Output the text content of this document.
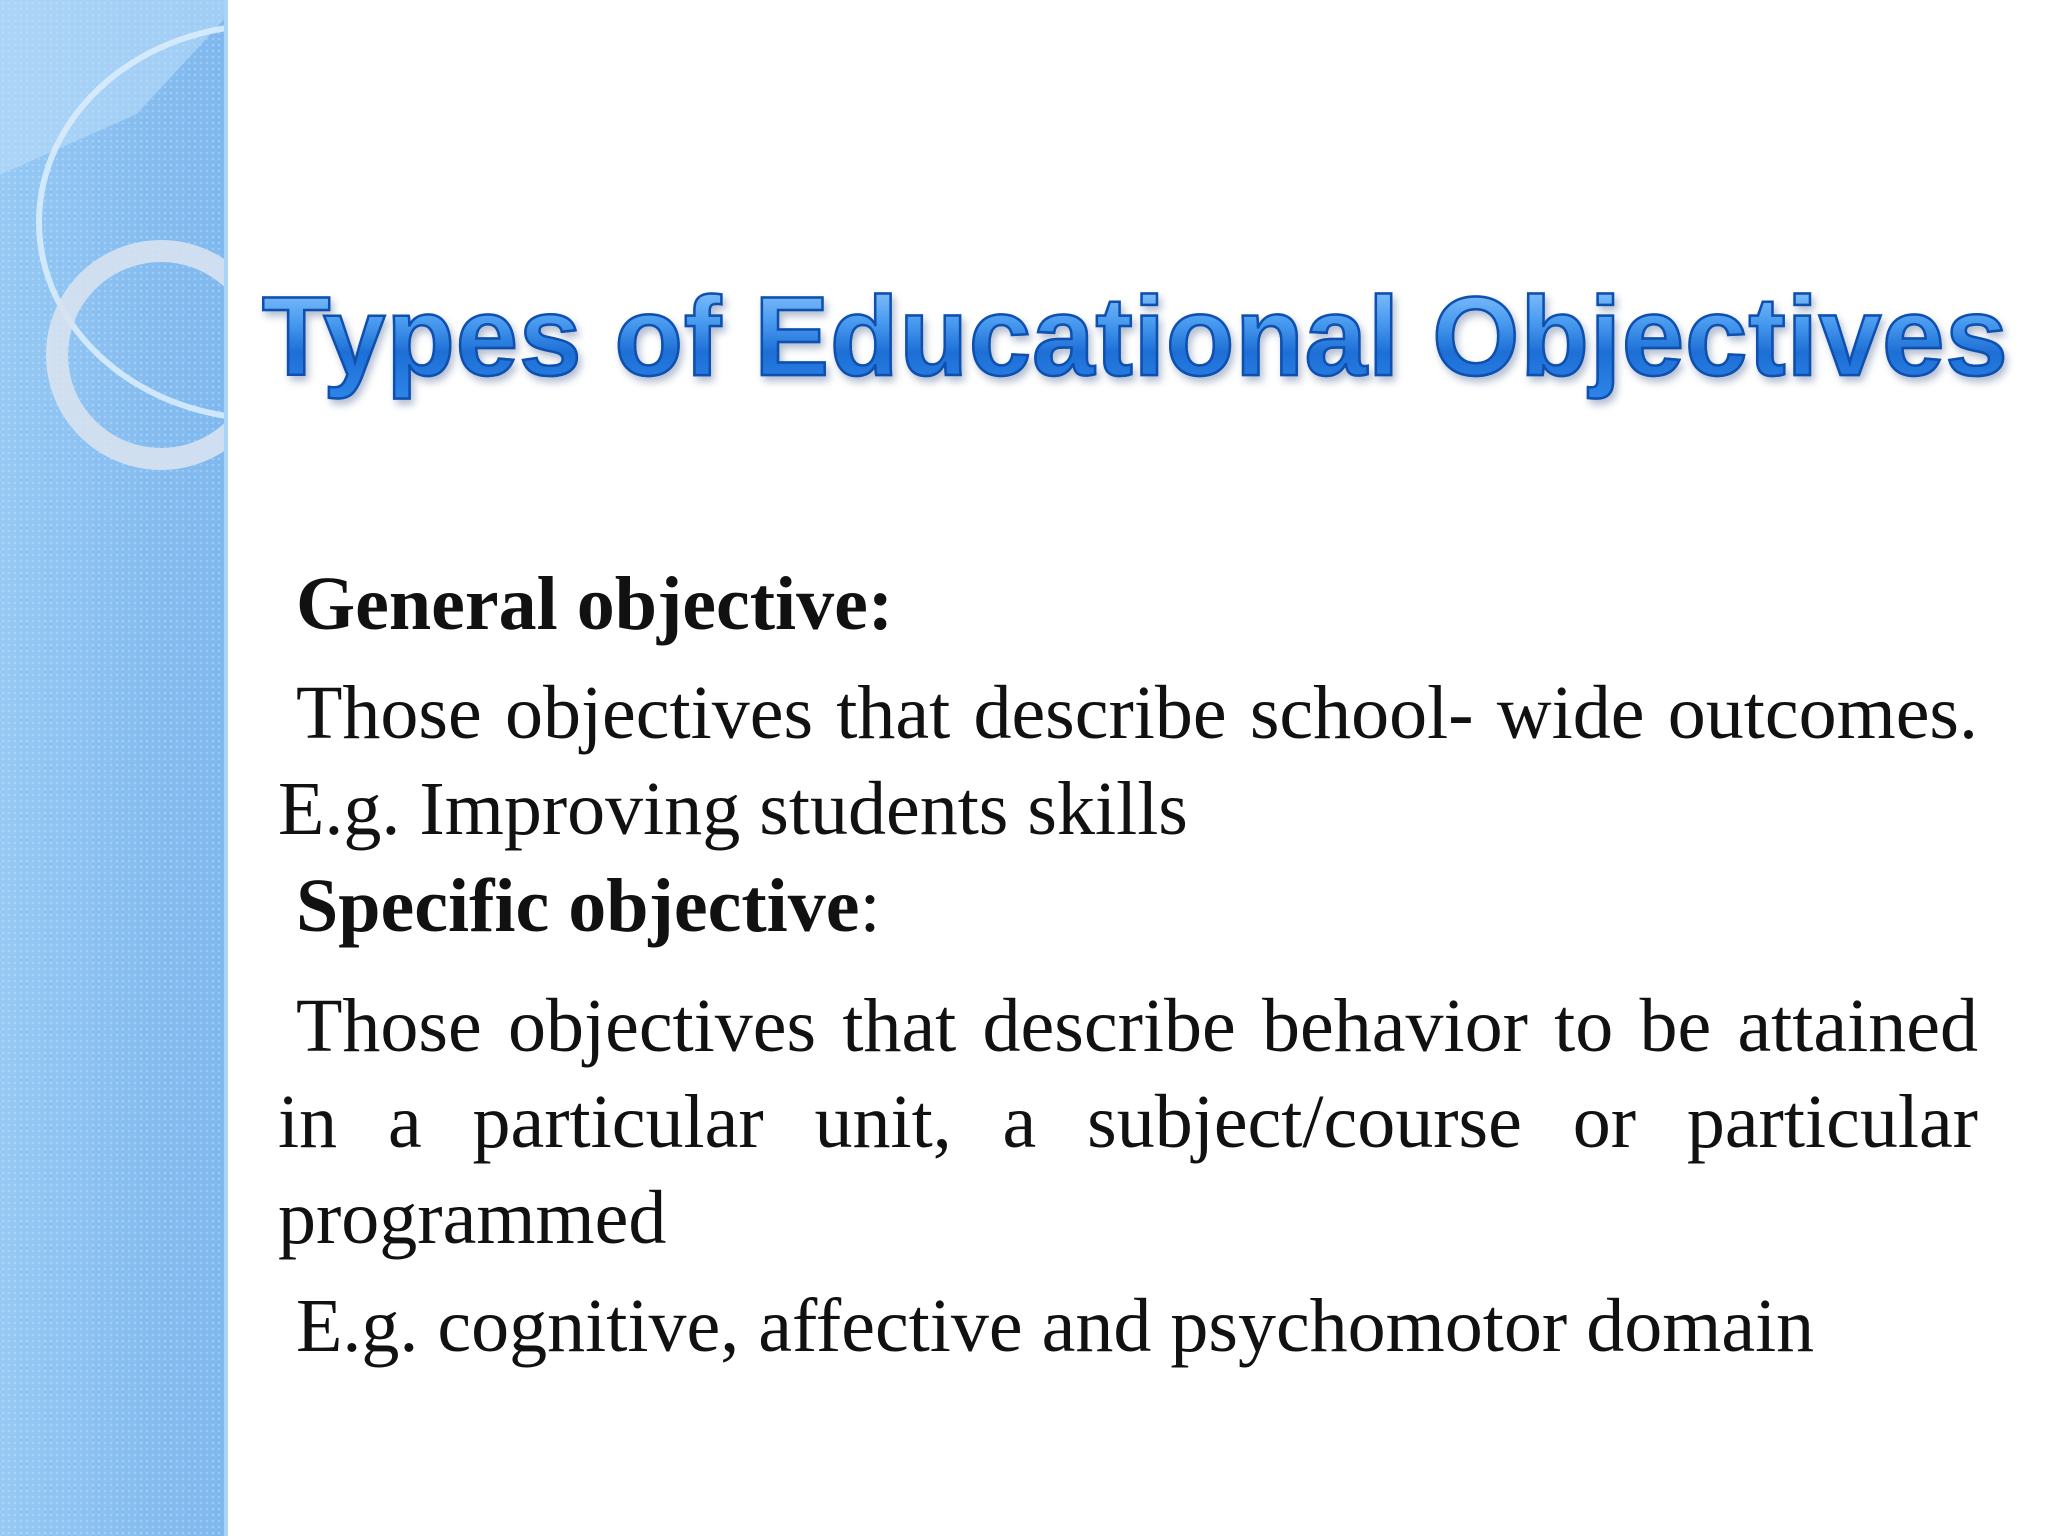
Types of Educational Objectives

General objective:

Those objectives that describe school- wide outcomes. E.g. Improving students skills

Specific objective:

Those objectives that describe behavior to be attained in a particular unit, a subject/course or particular programmed

E.g. cognitive, affective and psychomotor domain
